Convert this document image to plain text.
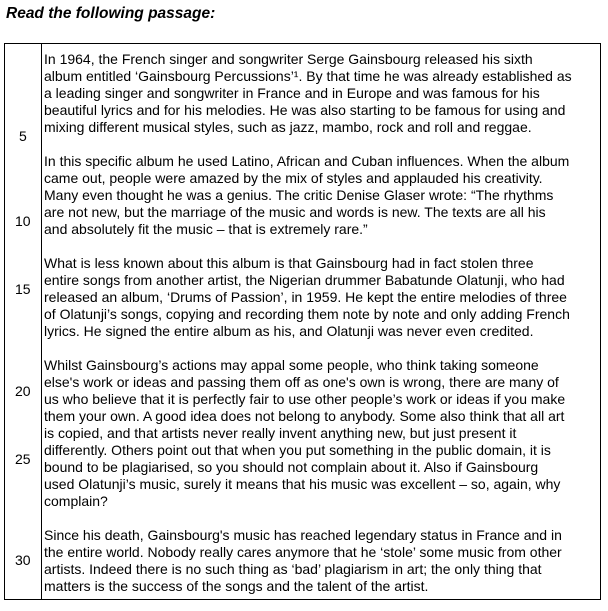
Read the following passage:
In 1964, the French singer and songwriter Serge Gainsbourg released his sixth
album entitled ‘Gainsbourg Percussions’¹. By that time he was already established as
a leading singer and songwriter in France and in Europe and was famous for his
beautiful lyrics and for his melodies. He was also starting to be famous for using and
mixing different musical styles, such as jazz, mambo, rock and roll and reggae.
In this specific album he used Latino, African and Cuban influences. When the album
came out, people were amazed by the mix of styles and applauded his creativity.
Many even thought he was a genius. The critic Denise Glaser wrote: “The rhythms
are not new, but the marriage of the music and words is new. The texts are all his
and absolutely fit the music – that is extremely rare.”
What is less known about this album is that Gainsbourg had in fact stolen three
entire songs from another artist, the Nigerian drummer Babatunde Olatunji, who had
released an album, ‘Drums of Passion’, in 1959. He kept the entire melodies of three
of Olatunji’s songs, copying and recording them note by note and only adding French
lyrics. He signed the entire album as his, and Olatunji was never even credited.
Whilst Gainsbourg’s actions may appal some people, who think taking someone
else's work or ideas and passing them off as one's own is wrong, there are many of
us who believe that it is perfectly fair to use other people’s work or ideas if you make
them your own. A good idea does not belong to anybody. Some also think that all art
is copied, and that artists never really invent anything new, but just present it
differently. Others point out that when you put something in the public domain, it is
bound to be plagiarised, so you should not complain about it. Also if Gainsbourg
used Olatunji’s music, surely it means that his music was excellent – so, again, why
complain?
Since his death, Gainsbourg's music has reached legendary status in France and in
the entire world. Nobody really cares anymore that he ‘stole’ some music from other
artists. Indeed there is no such thing as ‘bad’ plagiarism in art; the only thing that
matters is the success of the songs and the talent of the artist.
5
10
15
20
25
30
